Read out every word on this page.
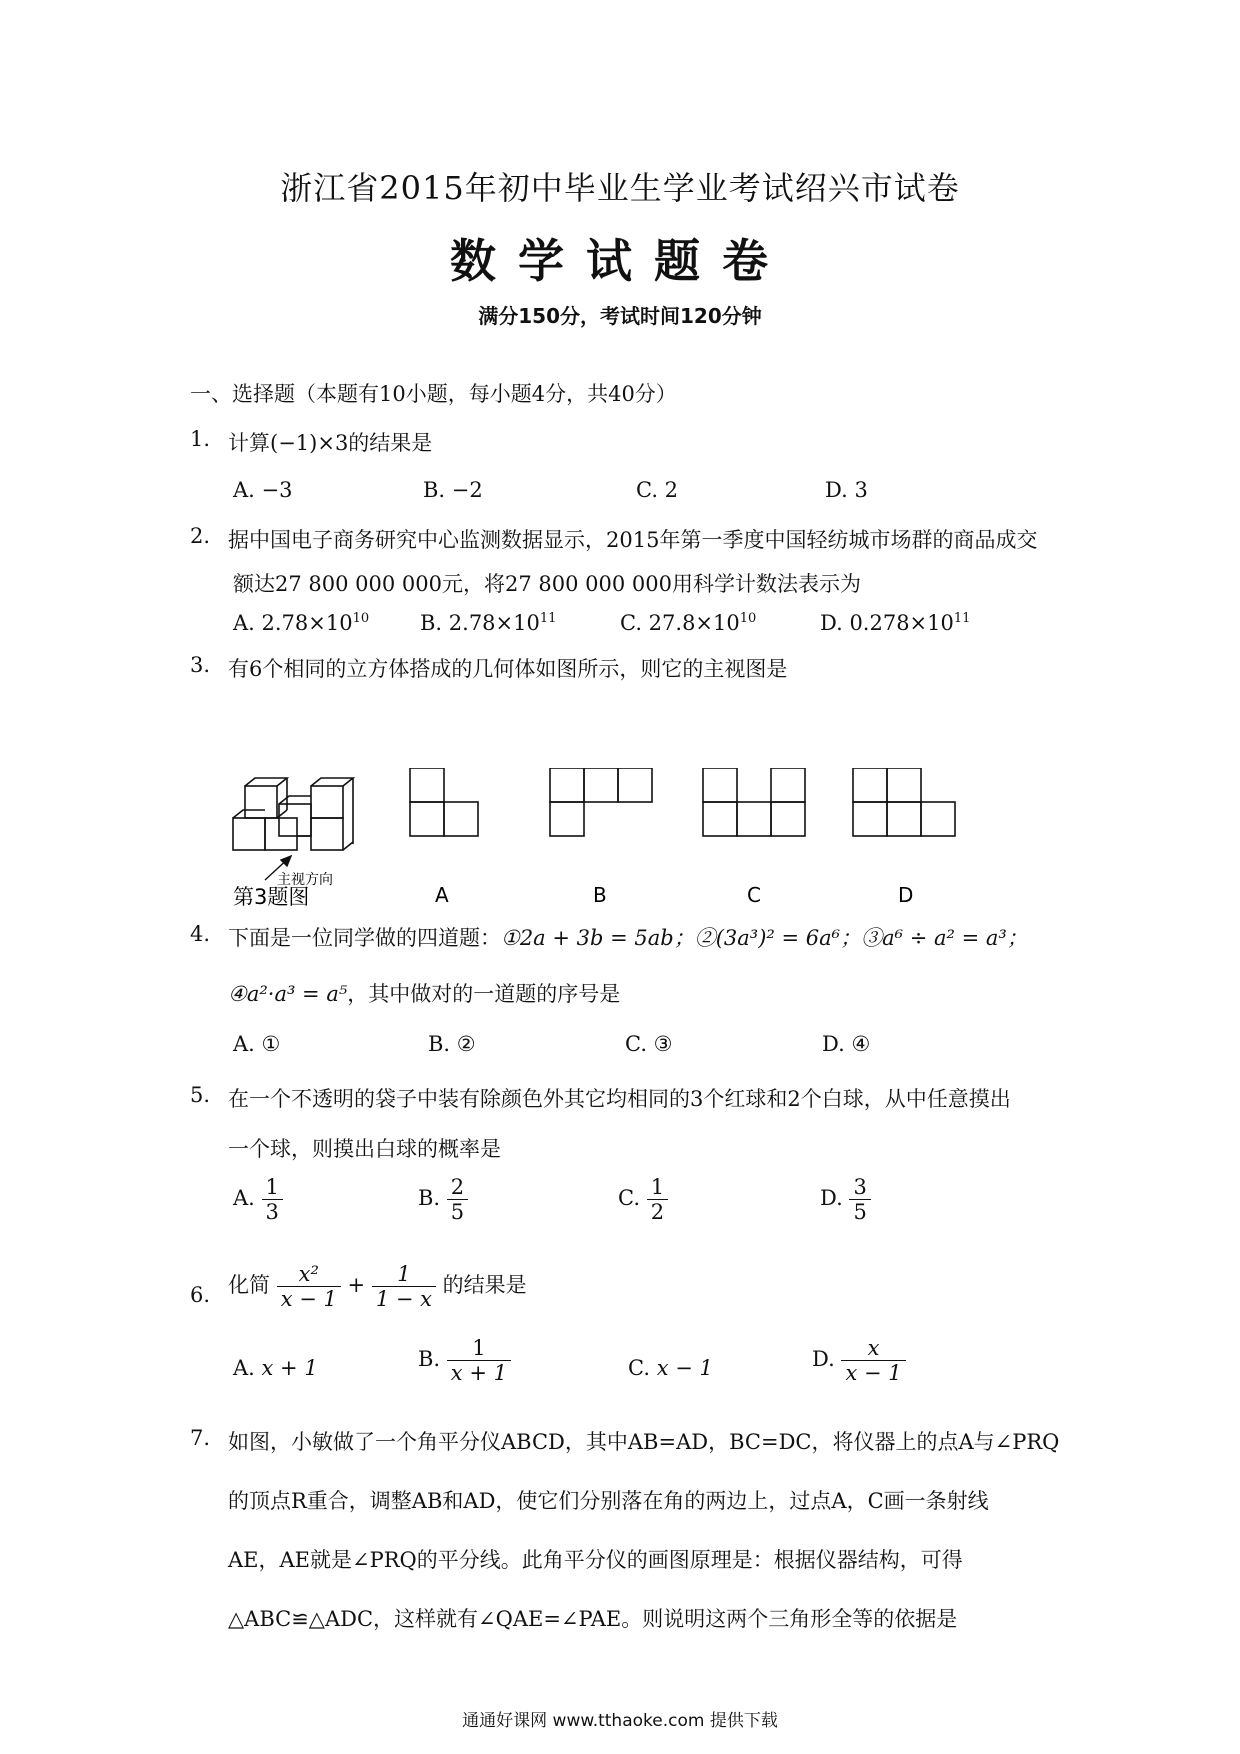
浙江省2015年初中毕业生学业考试绍兴市试卷
数学试题卷
满分150分，考试时间120分钟
一、选择题（本题有10小题，每小题4分，共40分）
1. 计算(−1)×3的结果是
A. −3	B. −2	C. 2	D. 3
2. 据中国电子商务研究中心监测数据显示，2015年第一季度中国轻纺城市场群的商品成交
额达27 800 000 000元，将27 800 000 000用科学计数法表示为
A. $2.78\times 10^{10}$ B. $2.78\times 10^{11}$	C. $27.8\times 10^{10}$	D. $0.278\times 10^{11}$
3. 有6个相同的立方体搭成的几何体如图所示，则它的主视图是
主视方向
第3题图	A	B	C	D
4. 下面是一位同学做的四道题：①2a + 3b = 5ab；②(3a³)² = 6a⁶；③a⁶ ÷ a² = a³；
④a²·a³ = a⁵，其中做对的一道题的序号是
A. ①	B. ②	C. ③	D. ④
5. 在一个不透明的袋子中装有除颜色外其它均相同的3个红球和2个白球，从中任意摸出
一个球，则摸出白球的概率是
A. $\frac{1}{3}$	B. $\frac{2}{5}$	C. $\frac{1}{2}$	D. $\frac{3}{5}$
6. 化简 $\frac{\text{x²}}{x - 1} + \frac{1}{1 - x}$ 的结果是
A. x + 1	B. $\frac{1}{x + 1}$	C. x − 1	D. $\frac{x}{x - 1}$
7. 如图，小敏做了一个角平分仪ABCD，其中AB=AD，BC=DC，将仪器上的点A与∠PRQ
的顶点R重合，调整AB和AD，使它们分别落在角的两边上，过点A，C画一条射线
AE，AE就是∠PRQ的平分线。此角平分仪的画图原理是：根据仪器结构，可得
△ABC≌△ADC，这样就有∠QAE=∠PAE。则说明这两个三角形全等的依据是
通通好课网 www.tthaoke.com 提供下载
